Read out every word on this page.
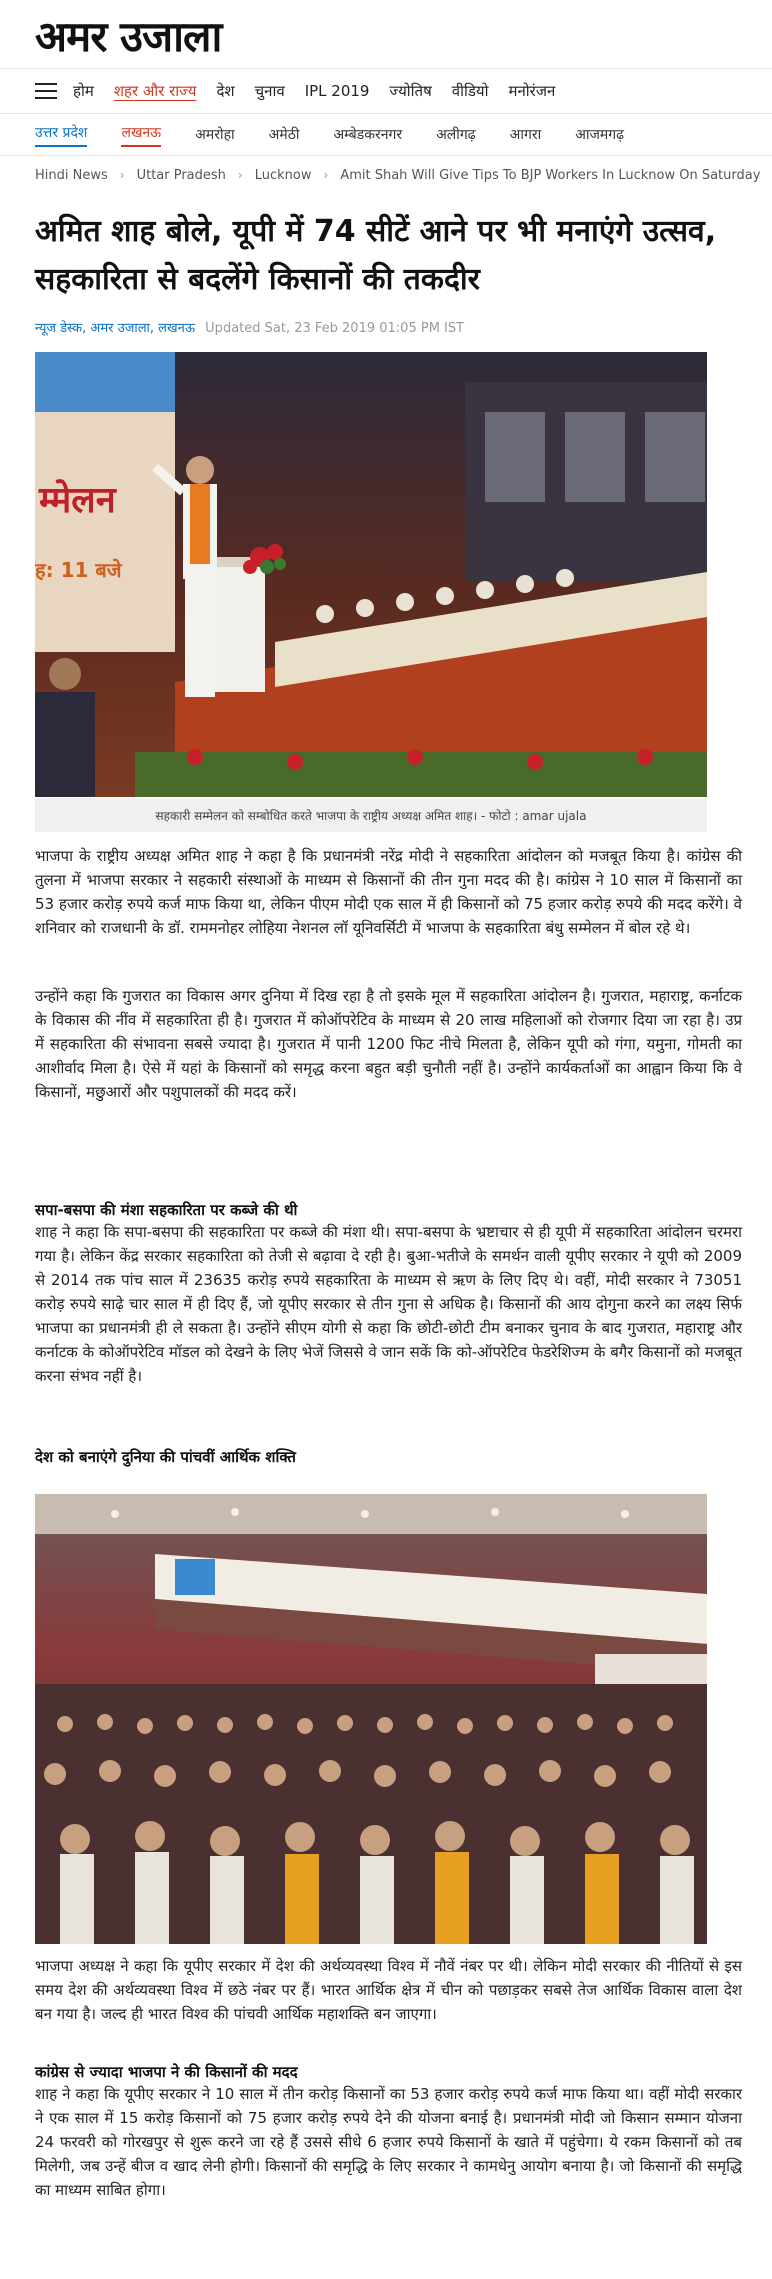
अमर उजाला
होम शहर और राज्य देश चुनाव IPL 2019 ज्योतिष वीडियो मनोरंजन
उत्तर प्रदेश लखनऊ अमरोहा अमेठी अम्बेडकरनगर अलीगढ़ आगरा आजमगढ़
Hindi News › Uttar Pradesh › Lucknow › Amit Shah Will Give Tips To BJP Workers In Lucknow On Saturday
अमित शाह बोले, यूपी में 74 सीटें आने पर भी मनाएंगे उत्सव, सहकारिता से बदलेंगे किसानों की तकदीर
न्यूज डेस्क, अमर उजाला, लखनऊ Updated Sat, 23 Feb 2019 01:05 PM IST
म्मेलन
ह: 11 बजे
सहकारी सम्मेलन को सम्बोधित करते भाजपा के राष्ट्रीय अध्यक्ष अमित शाह। - फोटो : amar ujala

भाजपा के राष्ट्रीय अध्यक्ष अमित शाह ने कहा है कि प्रधानमंत्री नरेंद्र मोदी ने सहकारिता आंदोलन को मजबूत किया है। कांग्रेस की तुलना में भाजपा सरकार ने सहकारी संस्थाओं के माध्यम से किसानों की तीन गुना मदद की है। कांग्रेस ने 10 साल में किसानों का 53 हजार करोड़ रुपये कर्ज माफ किया था, लेकिन पीएम मोदी एक साल में ही किसानों को 75 हजार करोड़ रुपये की मदद करेंगे। वे शनिवार को राजधानी के डॉ. राममनोहर लोहिया नेशनल लॉ यूनिवर्सिटी में भाजपा के सहकारिता बंधु सम्मेलन में बोल रहे थे।

उन्होंने कहा कि गुजरात का विकास अगर दुनिया में दिख रहा है तो इसके मूल में सहकारिता आंदोलन है। गुजरात, महाराष्ट्र, कर्नाटक के विकास की नींव में सहकारिता ही है। गुजरात में कोऑपरेटिव के माध्यम से 20 लाख महिलाओं को रोजगार दिया जा रहा है। उप्र में सहकारिता की संभावना सबसे ज्यादा है। गुजरात में पानी 1200 फिट नीचे मिलता है, लेकिन यूपी को गंगा, यमुना, गोमती का आशीर्वाद मिला है। ऐसे में यहां के किसानों को समृद्ध करना बहुत बड़ी चुनौती नहीं है। उन्होंने कार्यकर्ताओं का आह्वान किया कि वे किसानों, मछुआरों और पशुपालकों की मदद करें।

सपा-बसपा की मंशा सहकारिता पर कब्जे की थी

शाह ने कहा कि सपा-बसपा की सहकारिता पर कब्जे की मंशा थी। सपा-बसपा के भ्रष्टाचार से ही यूपी में सहकारिता आंदोलन चरमरा गया है। लेकिन केंद्र सरकार सहकारिता को तेजी से बढ़ावा दे रही है। बुआ-भतीजे के समर्थन वाली यूपीए सरकार ने यूपी को 2009 से 2014 तक पांच साल में 23635 करोड़ रुपये सहकारिता के माध्यम से ऋण के लिए दिए थे। वहीं, मोदी सरकार ने 73051 करोड़ रुपये साढ़े चार साल में ही दिए हैं, जो यूपीए सरकार से तीन गुना से अधिक है। किसानों की आय दोगुना करने का लक्ष्य सिर्फ भाजपा का प्रधानमंत्री ही ले सकता है। उन्होंने सीएम योगी से कहा कि छोटी-छोटी टीम बनाकर चुनाव के बाद गुजरात, महाराष्ट्र और कर्नाटक के कोऑपरेटिव मॉडल को देखने के लिए भेजें जिससे वे जान सकें कि को-ऑपरेटिव फेडरेशिज्म के बगैर किसानों को मजबूत करना संभव नहीं है।

देश को बनाएंगे दुनिया की पांचवीं आर्थिक शक्ति

भाजपा अध्यक्ष ने कहा कि यूपीए सरकार में देश की अर्थव्यवस्था विश्व में नौवें नंबर पर थी। लेकिन मोदी सरकार की नीतियों से इस समय देश की अर्थव्यवस्था विश्व में छठे नंबर पर हैं। भारत आर्थिक क्षेत्र में चीन को पछाड़कर सबसे तेज आर्थिक विकास वाला देश बन गया है। जल्द ही भारत विश्व की पांचवी आर्थिक महाशक्ति बन जाएगा।

कांग्रेस से ज्यादा भाजपा ने की किसानों की मदद

शाह ने कहा कि यूपीए सरकार ने 10 साल में तीन करोड़ किसानों का 53 हजार करोड़ रुपये कर्ज माफ किया था। वहीं मोदी सरकार ने एक साल में 15 करोड़ किसानों को 75 हजार करोड़ रुपये देने की योजना बनाई है। प्रधानमंत्री मोदी जो किसान सम्मान योजना 24 फरवरी को गोरखपुर से शुरू करने जा रहे हैं उससे सीधे 6 हजार रुपये किसानों के खाते में पहुंचेगा। ये रकम किसानों को तब मिलेगी, जब उन्हें बीज व खाद लेनी होगी। किसानों की समृद्धि के लिए सरकार ने कामधेनु आयोग बनाया है। जो किसानों की समृद्धि का माध्यम साबित होगा।
